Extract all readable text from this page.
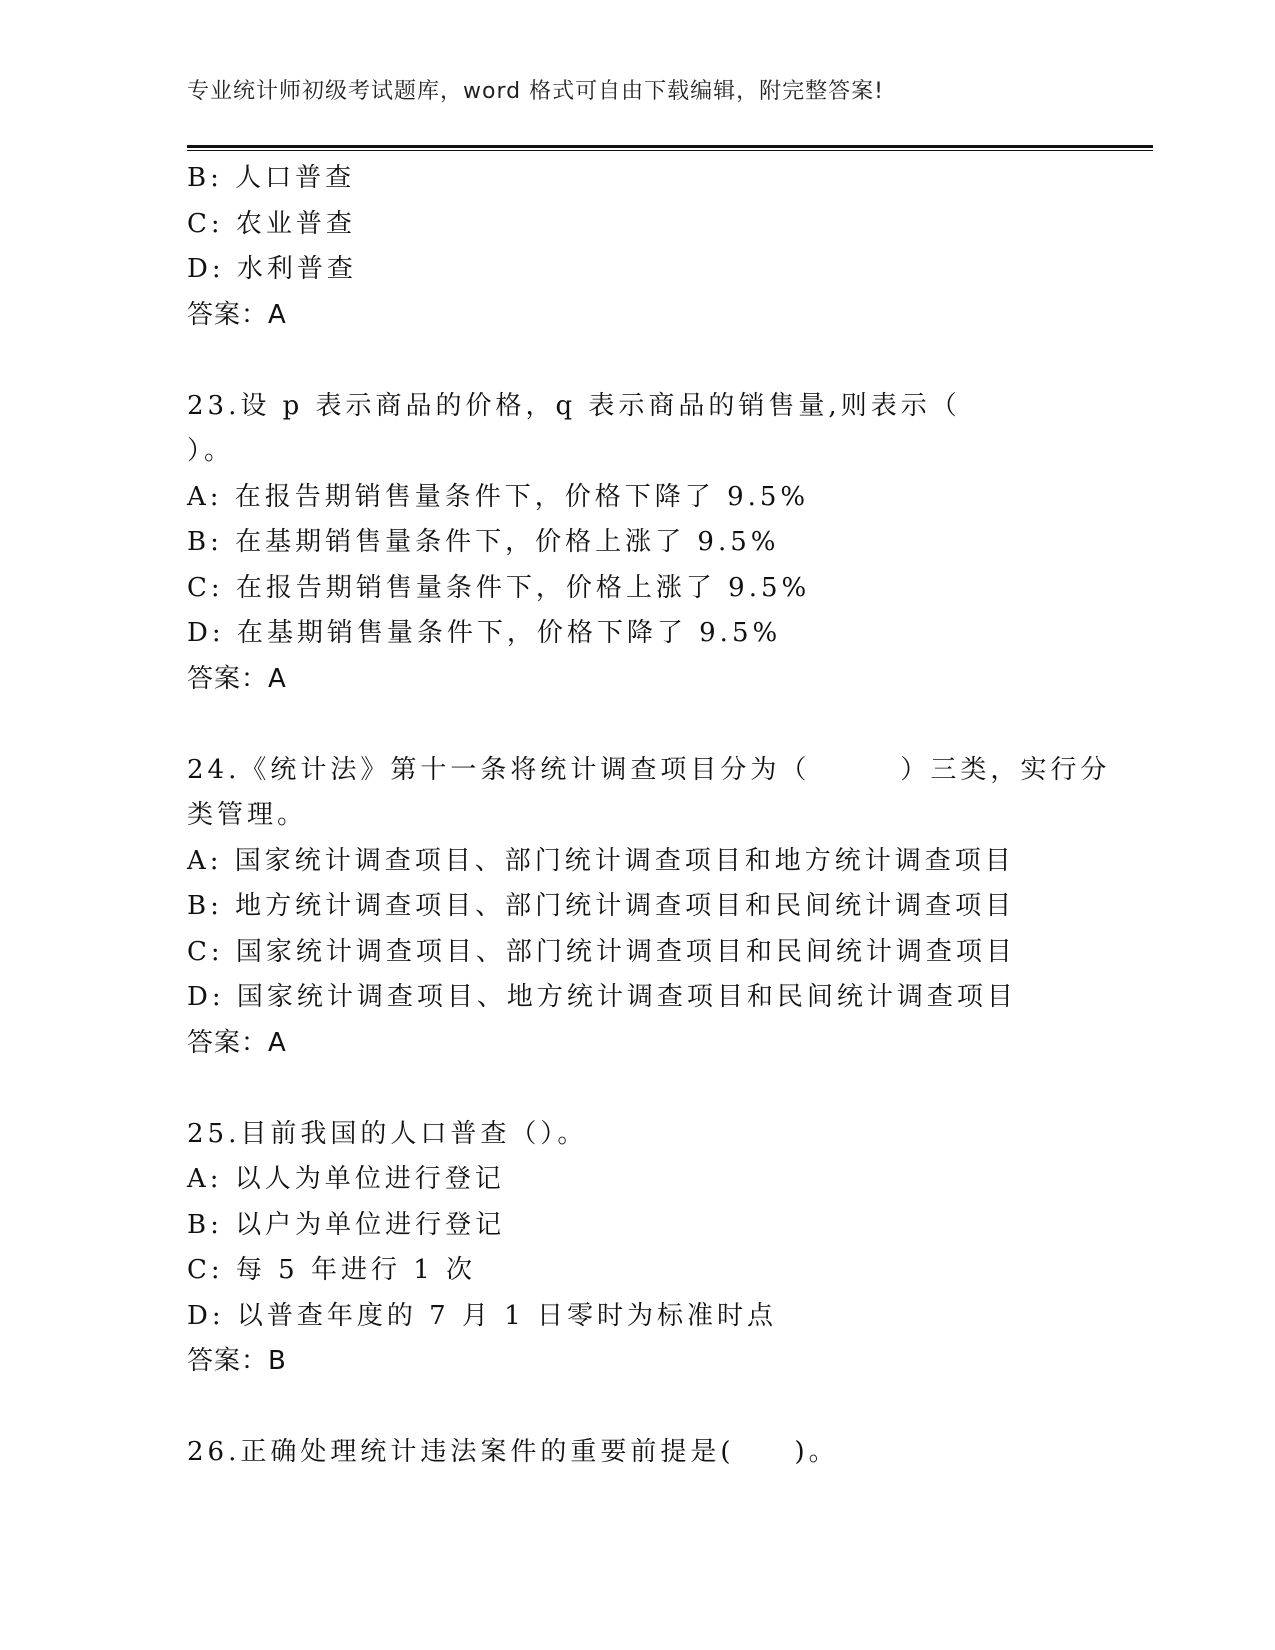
专业统计师初级考试题库，word 格式可自由下载编辑，附完整答案!
B: 人口普查
C: 农业普查
D: 水利普查
答案：A
23.设 p 表示商品的价格，q 表示商品的销售量,则表示（
）。
A: 在报告期销售量条件下，价格下降了 9.5%
B: 在基期销售量条件下，价格上涨了 9.5%
C: 在报告期销售量条件下，价格上涨了 9.5%
D: 在基期销售量条件下，价格下降了 9.5%
答案：A
24.《统计法》第十一条将统计调查项目分为（　　　）三类，实行分
类管理。
A: 国家统计调查项目、部门统计调查项目和地方统计调查项目
B: 地方统计调查项目、部门统计调查项目和民间统计调查项目
C: 国家统计调查项目、部门统计调查项目和民间统计调查项目
D: 国家统计调查项目、地方统计调查项目和民间统计调查项目
答案：A
25.目前我国的人口普查（）。
A: 以人为单位进行登记
B: 以户为单位进行登记
C: 每 5 年进行 1 次
D: 以普查年度的 7 月 1 日零时为标准时点
答案：B
26.正确处理统计违法案件的重要前提是(　　)。
